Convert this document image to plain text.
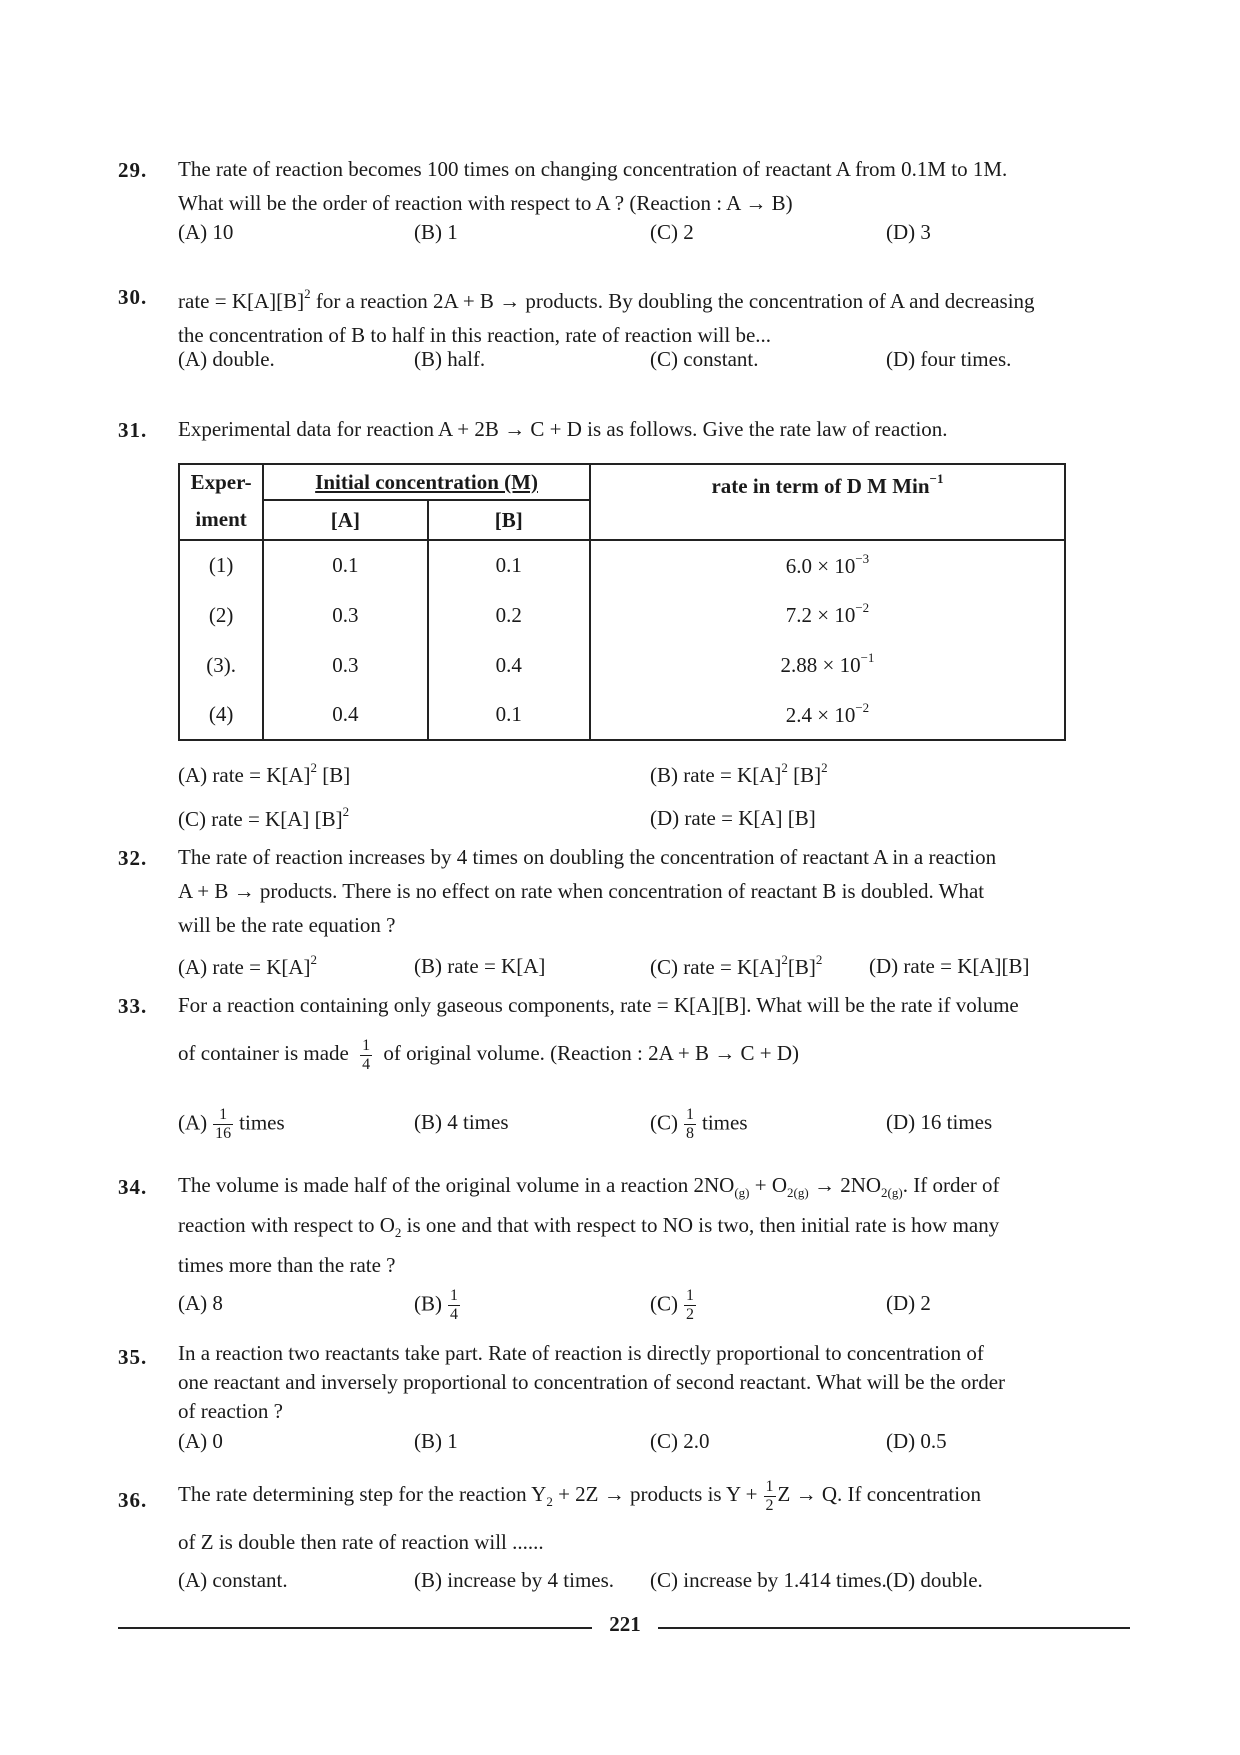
29. The rate of reaction becomes 100 times on changing concentration of reactant A from 0.1M to 1M.
What will be the order of reaction with respect to A ? (Reaction : A → B)
(A) 10	(B) 1	(C) 2	(D) 3
30. rate = $K[A][B]^2$ for a reaction 2A + B → products. By doubling the concentration of A and decreasing
the concentration of B to half in this reaction, rate of reaction will be...
(A) double.	(B) half.	(C) constant.	(D) four times.
31. Experimental data for reaction A + 2B → C + D is as follows. Give the rate law of reaction.
Exper-	Initial concentration (M)		rate in term of D M Min$^{-1}$
iment	[A]	[B]	
(1)	0.1	0.1	$6.0 \times 10^{-3}$
(2)	0.3	0.2	$7.2 \times 10^{-2}$
(3).	0.3	0.4	$2.88 \times 10^{-1}$
(4)	0.4	0.1	$2.4 \times 10^{-2}$
(A) rate = $K[A]^2$ [B]	(B) rate = $K[A]^2$ $[B]^2$
(C) rate = K[A] $[B]^2$	(D) rate = K[A] [B]
32. The rate of reaction increases by 4 times on doubling the concentration of reactant A in a reaction
A + B → products. There is no effect on rate when concentration of reactant B is doubled. What
will be the rate equation ?
(A) rate = $K[A]^2$	(B) rate = K[A]	(C) rate = $K[A]^2[B]^2$ (D) rate = K[A][B]
33. For a reaction containing only gaseous components, rate = K[A][B]. What will be the rate if volume
of container is made $\frac{1}{4}$ of original volume. (Reaction : 2A + B → C + D)
$(A) \frac{1}{16}$ times	(B) 4 times	$(C) \frac{1}{8}$ times	(D) 16 times
34. The volume is made half of the original volume in a reaction $2NO_{(g)} + O_{2(g)} \to 2NO_{2(g)}$. If order of
reaction with respect to $O_2$ is one and that with respect to NO is two, then initial rate is how many
times more than the rate ?
(A) 8	$(B) \frac{1}{4}$	$(C) \frac{1}{2}$	(D) 2
35. In a reaction two reactants take part. Rate of reaction is directly proportional to concentration of
one reactant and inversely proportional to concentration of second reactant. What will be the order
of reaction ?
(A) 0	(B) 1	(C) 2.0	(D) 0.5
36. The rate determining step for the reaction $Y_2 + 2Z$ → products is $Y + \frac{1}{2}$ Z → Q. If concentration
of Z is double then rate of reaction will ......
(A) constant.	(B) increase by 4 times. (C) increase by 1.414 times. (D) double.
221
